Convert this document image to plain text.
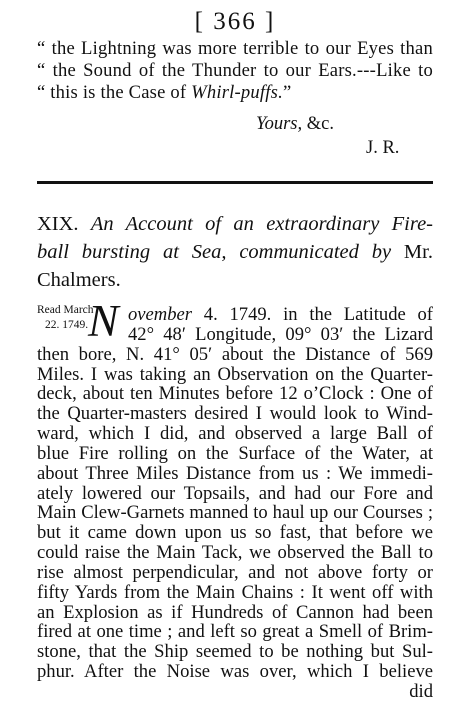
[ 366 ]
“ the Lightning was more terrible to our Eyes than
“ the Sound of the Thunder to our Ears.---Like to
“ this is the Case of Whirl-puffs.”
Yours, &c.
J. R.
XIX. An Account of an extraordinary Fire-
ball bursting at Sea, communicated by Mr.
Chalmers.
Read March
22. 1749. N ovember 4. 1749. in the Latitude of
42° 48′ Longitude, 09° 03′ the Lizard
then bore, N. 41° 05′ about the Distance of 569
Miles. I was taking an Observation on the Quarter-
deck, about ten Minutes before 12 o’Clock : One of
the Quarter-masters desired I would look to Wind-
ward, which I did, and observed a large Ball of
blue Fire rolling on the Surface of the Water, at
about Three Miles Distance from us : We immedi-
ately lowered our Topsails, and had our Fore and
Main Clew-Garnets manned to haul up our Courses ;
but it came down upon us so fast, that before we
could raise the Main Tack, we observed the Ball to
rise almost perpendicular, and not above forty or
fifty Yards from the Main Chains : It went off with
an Explosion as if Hundreds of Cannon had been
fired at one time ; and left so great a Smell of Brim-
stone, that the Ship seemed to be nothing but Sul-
phur. After the Noise was over, which I believe
did
